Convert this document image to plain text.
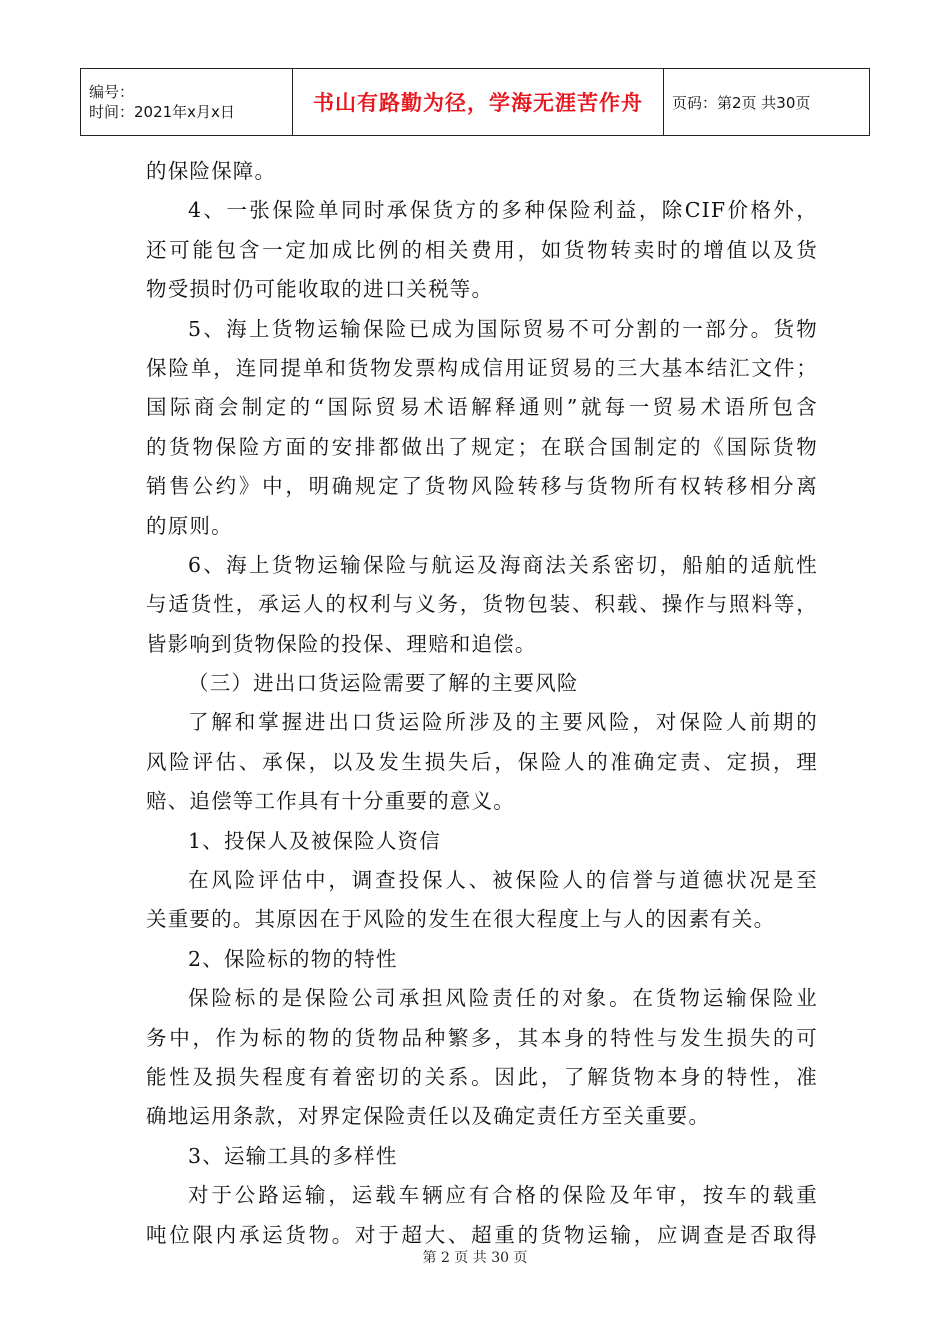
编号：
时间：2021年x月x日	书山有路勤为径，学海无涯苦作舟	页码：第2页 共30页
的保险保障。
4、一张保险单同时承保货方的多种保险利益，除CIF价格外，
还可能包含一定加成比例的相关费用，如货物转卖时的增值以及货
物受损时仍可能收取的进口关税等。
5、海上货物运输保险已成为国际贸易不可分割的一部分。货物
保险单，连同提单和货物发票构成信用证贸易的三大基本结汇文件；
国际商会制定的“国际贸易术语解释通则”就每一贸易术语所包含
的货物保险方面的安排都做出了规定；在联合国制定的《国际货物
销售公约》中，明确规定了货物风险转移与货物所有权转移相分离
的原则。
6、海上货物运输保险与航运及海商法关系密切，船舶的适航性
与适货性，承运人的权利与义务，货物包装、积载、操作与照料等，
皆影响到货物保险的投保、理赔和追偿。
（三）进出口货运险需要了解的主要风险
了解和掌握进出口货运险所涉及的主要风险，对保险人前期的
风险评估、承保，以及发生损失后，保险人的准确定责、定损，理
赔、追偿等工作具有十分重要的意义。
1、投保人及被保险人资信
在风险评估中，调查投保人、被保险人的信誉与道德状况是至
关重要的。其原因在于风险的发生在很大程度上与人的因素有关。
2、保险标的物的特性
保险标的是保险公司承担风险责任的对象。在货物运输保险业
务中，作为标的物的货物品种繁多，其本身的特性与发生损失的可
能性及损失程度有着密切的关系。因此，了解货物本身的特性，准
确地运用条款，对界定保险责任以及确定责任方至关重要。
3、运输工具的多样性
对于公路运输，运载车辆应有合格的保险及年审，按车的载重
吨位限内承运货物。对于超大、超重的货物运输，应调查是否取得
第 2 页 共 30 页
